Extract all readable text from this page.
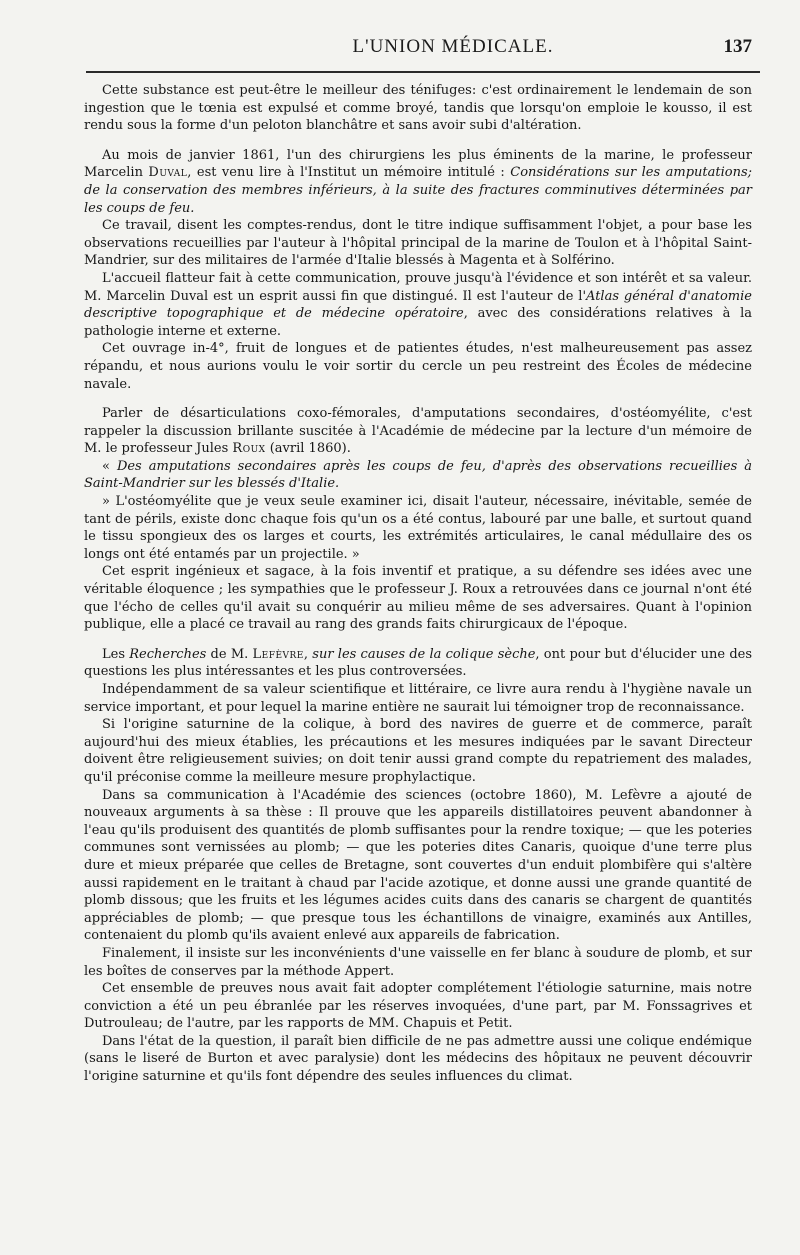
L'UNION MÉDICALE.	137

Cette substance est peut-être le meilleur des ténifuges: c'est ordinairement le lendemain de son ingestion que le tœnia est expulsé et comme broyé, tandis que lorsqu'on emploie le kousso, il est rendu sous la forme d'un peloton blanchâtre et sans avoir subi d'altération.

Au mois de janvier 1861, l'un des chirurgiens les plus éminents de la marine, le professeur Marcelin Duval, est venu lire à l'Institut un mémoire intitulé : Considérations sur les amputations; de la conservation des membres inférieurs, à la suite des fractures comminutives déterminées par les coups de feu.

Ce travail, disent les comptes-rendus, dont le titre indique suffisamment l'objet, a pour base les observations recueillies par l'auteur à l'hôpital principal de la marine de Toulon et à l'hôpital Saint-Mandrier, sur des militaires de l'armée d'Italie blessés à Magenta et à Solférino.

L'accueil flatteur fait à cette communication, prouve jusqu'à l'évidence et son intérêt et sa valeur. M. Marcelin Duval est un esprit aussi fin que distingué. Il est l'auteur de l'Atlas général d'anatomie descriptive topographique et de médecine opératoire, avec des considérations relatives à la pathologie interne et externe.

Cet ouvrage in-4°, fruit de longues et de patientes études, n'est malheureusement pas assez répandu, et nous aurions voulu le voir sortir du cercle un peu restreint des Écoles de médecine navale.

Parler de désarticulations coxo-fémorales, d'amputations secondaires, d'ostéomyélite, c'est rappeler la discussion brillante suscitée à l'Académie de médecine par la lecture d'un mémoire de M. le professeur Jules Roux (avril 1860).

« Des amputations secondaires après les coups de feu, d'après des observations recueillies à Saint-Mandrier sur les blessés d'Italie.

» L'ostéomyélite que je veux seule examiner ici, disait l'auteur, nécessaire, inévitable, semée de tant de périls, existe donc chaque fois qu'un os a été contus, labouré par une balle, et surtout quand le tissu spongieux des os larges et courts, les extrémités articulaires, le canal médullaire des os longs ont été entamés par un projectile. »

Cet esprit ingénieux et sagace, à la fois inventif et pratique, a su défendre ses idées avec une véritable éloquence ; les sympathies que le professeur J. Roux a retrouvées dans ce journal n'ont été que l'écho de celles qu'il avait su conquérir au milieu même de ses adversaires. Quant à l'opinion publique, elle a placé ce travail au rang des grands faits chirurgicaux de l'époque.

Les Recherches de M. Lefèvre, sur les causes de la colique sèche, ont pour but d'élucider une des questions les plus intéressantes et les plus controversées.

Indépendamment de sa valeur scientifique et littéraire, ce livre aura rendu à l'hygiène navale un service important, et pour lequel la marine entière ne saurait lui témoigner trop de reconnaissance.

Si l'origine saturnine de la colique, à bord des navires de guerre et de commerce, paraît aujourd'hui des mieux établies, les précautions et les mesures indiquées par le savant Directeur doivent être religieusement suivies; on doit tenir aussi grand compte du repatriement des malades, qu'il préconise comme la meilleure mesure prophylactique.

Dans sa communication à l'Académie des sciences (octobre 1860), M. Lefèvre a ajouté de nouveaux arguments à sa thèse : Il prouve que les appareils distillatoires peuvent abandonner à l'eau qu'ils produisent des quantités de plomb suffisantes pour la rendre toxique; — que les poteries communes sont vernissées au plomb; — que les poteries dites Canaris, quoique d'une terre plus dure et mieux préparée que celles de Bretagne, sont couvertes d'un enduit plombifère qui s'altère aussi rapidement en le traitant à chaud par l'acide azotique, et donne aussi une grande quantité de plomb dissous; que les fruits et les légumes acides cuits dans des canaris se chargent de quantités appréciables de plomb; — que presque tous les échantillons de vinaigre, examinés aux Antilles, contenaient du plomb qu'ils avaient enlevé aux appareils de fabrication.

Finalement, il insiste sur les inconvénients d'une vaisselle en fer blanc à soudure de plomb, et sur les boîtes de conserves par la méthode Appert.

Cet ensemble de preuves nous avait fait adopter complétement l'étiologie saturnine, mais notre conviction a été un peu ébranlée par les réserves invoquées, d'une part, par M. Fonssagrives et Dutrouleau; de l'autre, par les rapports de MM. Chapuis et Petit.

Dans l'état de la question, il paraît bien difficile de ne pas admettre aussi une colique endémique (sans le liseré de Burton et avec paralysie) dont les médecins des hôpitaux ne peuvent découvrir l'origine saturnine et qu'ils font dépendre des seules influences du climat.
